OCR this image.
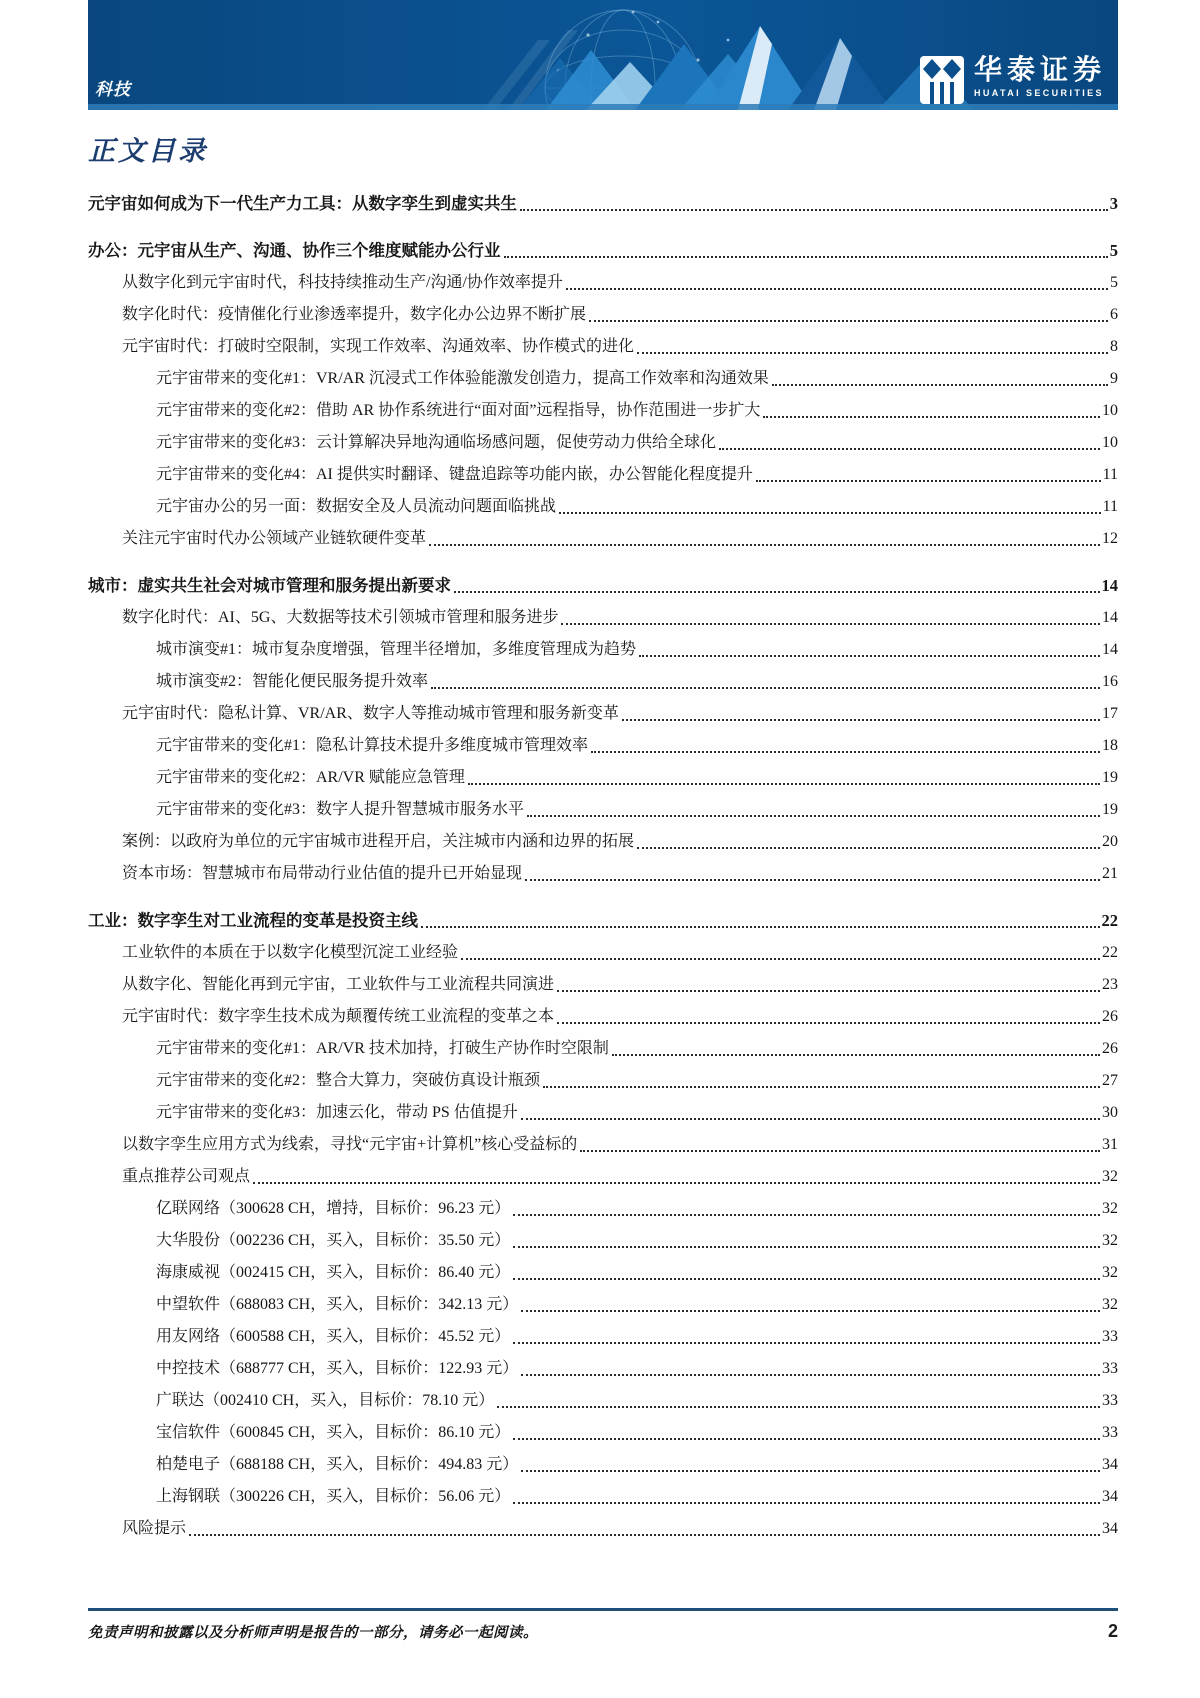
科技
华泰证券
HUATAI SECURITIES
正文目录
元宇宙如何成为下一代生产力工具：从数字孪生到虚实共生	3
办公：元宇宙从生产、沟通、协作三个维度赋能办公行业	5
从数字化到元宇宙时代，科技持续推动生产/沟通/协作效率提升	5
数字化时代：疫情催化行业渗透率提升，数字化办公边界不断扩展	6
元宇宙时代：打破时空限制，实现工作效率、沟通效率、协作模式的进化	8
元宇宙带来的变化#1：VR/AR 沉浸式工作体验能激发创造力，提高工作效率和沟通效果	9
元宇宙带来的变化#2：借助 AR 协作系统进行“面对面”远程指导，协作范围进一步扩大	10
元宇宙带来的变化#3：云计算解决异地沟通临场感问题，促使劳动力供给全球化	10
元宇宙带来的变化#4：AI 提供实时翻译、键盘追踪等功能内嵌，办公智能化程度提升	11
元宇宙办公的另一面：数据安全及人员流动问题面临挑战	11
关注元宇宙时代办公领域产业链软硬件变革	12
城市：虚实共生社会对城市管理和服务提出新要求	14
数字化时代：AI、5G、大数据等技术引领城市管理和服务进步	14
城市演变#1：城市复杂度增强，管理半径增加，多维度管理成为趋势	14
城市演变#2：智能化便民服务提升效率	16
元宇宙时代：隐私计算、VR/AR、数字人等推动城市管理和服务新变革	17
元宇宙带来的变化#1：隐私计算技术提升多维度城市管理效率	18
元宇宙带来的变化#2：AR/VR 赋能应急管理	19
元宇宙带来的变化#3：数字人提升智慧城市服务水平	19
案例：以政府为单位的元宇宙城市进程开启，关注城市内涵和边界的拓展	20
资本市场：智慧城市布局带动行业估值的提升已开始显现	21
工业：数字孪生对工业流程的变革是投资主线	22
工业软件的本质在于以数字化模型沉淀工业经验	22
从数字化、智能化再到元宇宙，工业软件与工业流程共同演进	23
元宇宙时代：数字孪生技术成为颠覆传统工业流程的变革之本	26
元宇宙带来的变化#1：AR/VR 技术加持，打破生产协作时空限制	26
元宇宙带来的变化#2：整合大算力，突破仿真设计瓶颈	27
元宇宙带来的变化#3：加速云化，带动 PS 估值提升	30
以数字孪生应用方式为线索，寻找“元宇宙+计算机”核心受益标的	31
重点推荐公司观点	32
亿联网络（300628 CH，增持，目标价：96.23 元）	32
大华股份（002236 CH，买入，目标价：35.50 元）	32
海康威视（002415 CH，买入，目标价：86.40 元）	32
中望软件（688083 CH，买入，目标价：342.13 元）	32
用友网络（600588 CH，买入，目标价：45.52 元）	33
中控技术（688777 CH，买入，目标价：122.93 元）	33
广联达（002410 CH，买入，目标价：78.10 元）	33
宝信软件（600845 CH，买入，目标价：86.10 元）	33
柏楚电子（688188 CH，买入，目标价：494.83 元）	34
上海钢联（300226 CH，买入，目标价：56.06 元）	34
风险提示	34
免责声明和披露以及分析师声明是报告的一部分，请务必一起阅读。	2
